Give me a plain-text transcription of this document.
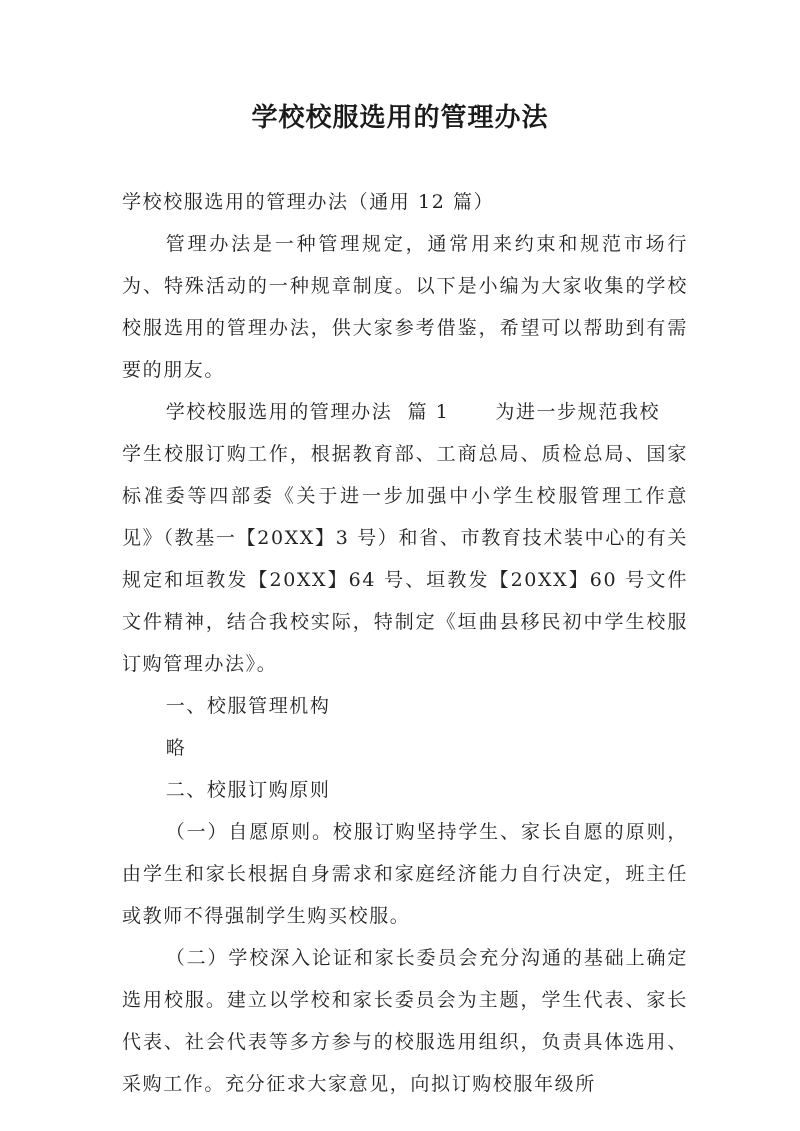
学校校服选用的管理办法

学校校服选用的管理办法（通用 12 篇）

管理办法是一种管理规定，通常用来约束和规范市场行为、特殊活动的一种规章制度。以下是小编为大家收集的学校校服选用的管理办法，供大家参考借鉴，希望可以帮助到有需要的朋友。

学校校服选用的管理办法  篇 1 为进一步规范我校

学生校服订购工作，根据教育部、工商总局、质检总局、国家标准委等四部委《关于进一步加强中小学生校服管理工作意见》（教基一【20XX】3 号）和省、市教育技术装中心的有关规定和垣教发【20XX】64 号、垣教发【20XX】60 号文件文件精神，结合我校实际，特制定《垣曲县移民初中学生校服订购管理办法》。

一、校服管理机构

略

二、校服订购原则

（一）自愿原则。校服订购坚持学生、家长自愿的原则，由学生和家长根据自身需求和家庭经济能力自行决定，班主任或教师不得强制学生购买校服。

（二）学校深入论证和家长委员会充分沟通的基础上确定选用校服。建立以学校和家长委员会为主题，学生代表、家长代表、社会代表等多方参与的校服选用组织，负责具体选用、采购工作。充分征求大家意见，向拟订购校服年级所
